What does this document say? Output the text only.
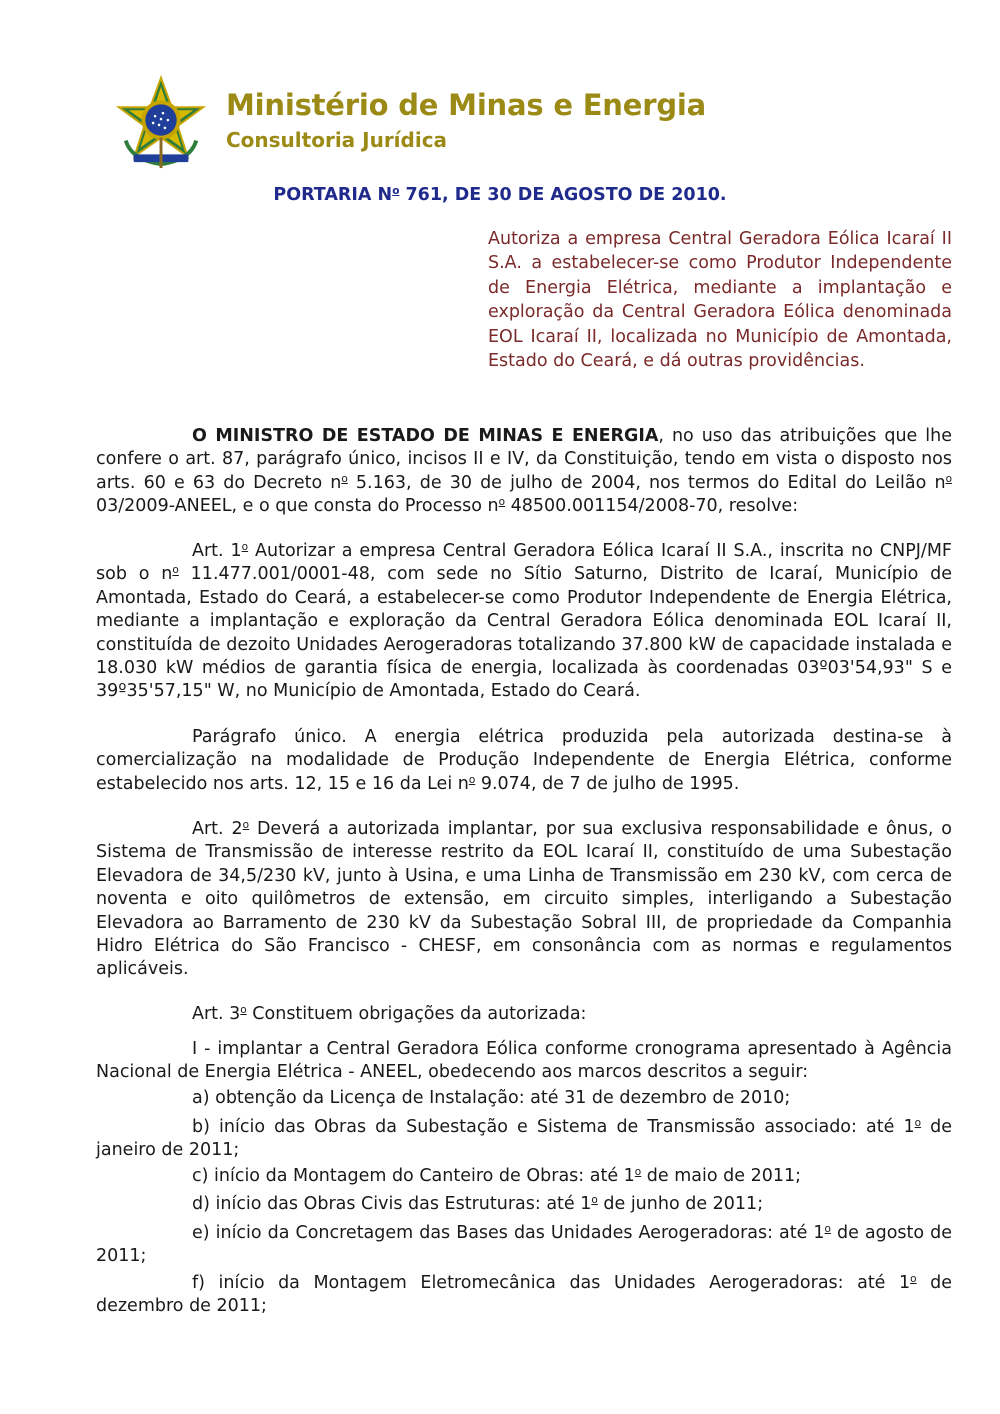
Ministério de Minas e Energia
Consultoria Jurídica
PORTARIA $N^o$ 761, DE 30 DE AGOSTO DE 2010.
Autoriza a empresa Central Geradora Eólica Icaraí II S.A. a estabelecer-se como Produtor Independente de Energia Elétrica, mediante a implantação e exploração da Central Geradora Eólica denominada EOL Icaraí II, localizada no Município de Amontada, Estado do Ceará, e dá outras providências.
O MINISTRO DE ESTADO DE MINAS E ENERGIA, no uso das atribuições que lhe confere o art. 87, parágrafo único, incisos II e IV, da Constituição, tendo em vista o disposto nos arts. 60 e 63 do Decreto $n^o$ 5.163, de 30 de julho de 2004, nos termos do Edital do Leilão $n^o$ 03/2009-ANEEL, e o que consta do Processo $n^o$ 48500.001154/2008-70, resolve:
Art. 1$^o$ Autorizar a empresa Central Geradora Eólica Icaraí II S.A., inscrita no CNPJ/MF sob o $n^o$ 11.477.001/0001-48, com sede no Sítio Saturno, Distrito de Icaraí, Município de Amontada, Estado do Ceará, a estabelecer-se como Produtor Independente de Energia Elétrica, mediante a implantação e exploração da Central Geradora Eólica denominada EOL Icaraí II, constituída de dezoito Unidades Aerogeradoras totalizando 37.800 kW de capacidade instalada e 18.030 kW médios de garantia física de energia, localizada às coordenadas 03º03'54,93" S e 39º35'57,15" W, no Município de Amontada, Estado do Ceará.
Parágrafo único. A energia elétrica produzida pela autorizada destina-se à comercialização na modalidade de Produção Independente de Energia Elétrica, conforme estabelecido nos arts. 12, 15 e 16 da Lei $n^o$ 9.074, de 7 de julho de 1995.
Art. 2$^o$ Deverá a autorizada implantar, por sua exclusiva responsabilidade e ônus, o Sistema de Transmissão de interesse restrito da EOL Icaraí II, constituído de uma Subestação Elevadora de 34,5/230 kV, junto à Usina, e uma Linha de Transmissão em 230 kV, com cerca de noventa e oito quilômetros de extensão, em circuito simples, interligando a Subestação Elevadora ao Barramento de 230 kV da Subestação Sobral III, de propriedade da Companhia Hidro Elétrica do São Francisco - CHESF, em consonância com as normas e regulamentos aplicáveis.
Art. 3$^o$ Constituem obrigações da autorizada:
I - implantar a Central Geradora Eólica conforme cronograma apresentado à Agência Nacional de Energia Elétrica - ANEEL, obedecendo aos marcos descritos a seguir:
a) obtenção da Licença de Instalação: até 31 de dezembro de 2010;
b) início das Obras da Subestação e Sistema de Transmissão associado: até 1$^o$ de janeiro de 2011;
c) início da Montagem do Canteiro de Obras: até 1$^o$ de maio de 2011;
d) início das Obras Civis das Estruturas: até 1$^o$ de junho de 2011;
e) início da Concretagem das Bases das Unidades Aerogeradoras: até 1$^o$ de agosto de 2011;
f) início da Montagem Eletromecânica das Unidades Aerogeradoras: até 1$^o$ de dezembro de 2011;
